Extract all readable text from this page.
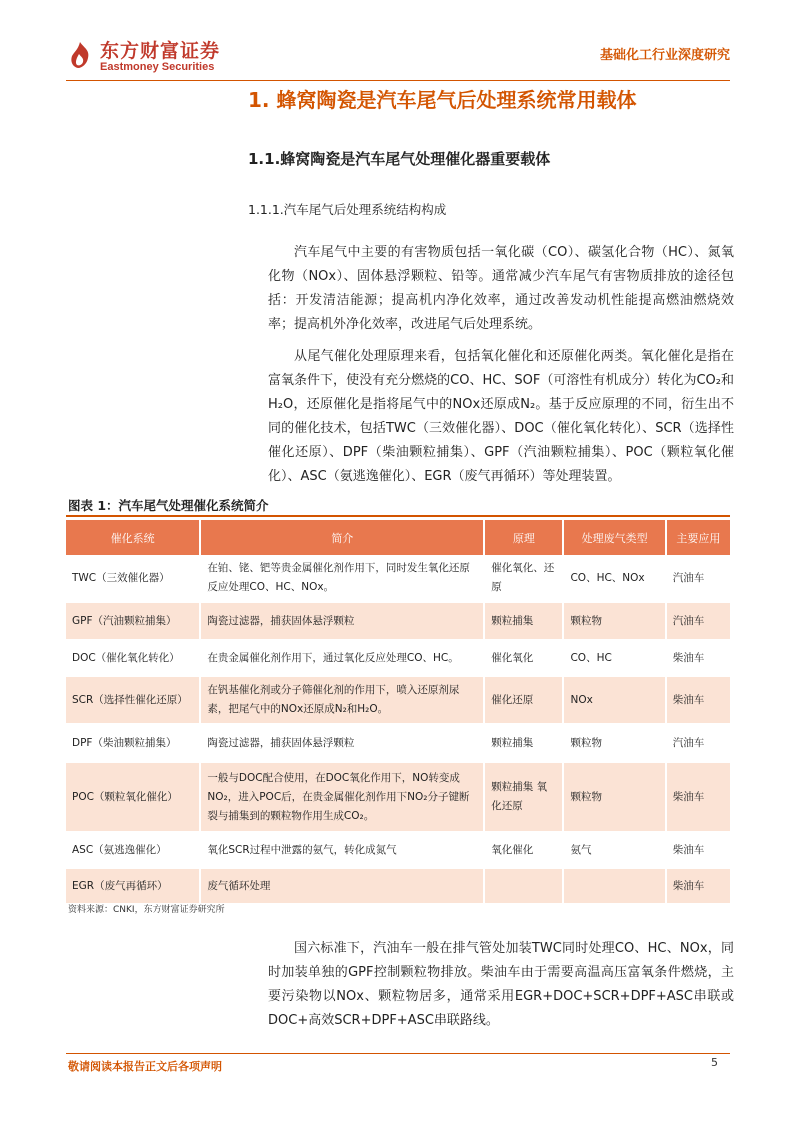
东方财富证券
Eastmoney Securities
基础化工行业深度研究
1. 蜂窝陶瓷是汽车尾气后处理系统常用载体
1.1.蜂窝陶瓷是汽车尾气处理催化器重要载体
1.1.1.汽车尾气后处理系统结构构成
汽车尾气中主要的有害物质包括一氧化碳（CO）、碳氢化合物（HC）、氮氧化物（NOx）、固体悬浮颗粒、铅等。通常减少汽车尾气有害物质排放的途径包括：开发清洁能源；提高机内净化效率，通过改善发动机性能提高燃油燃烧效率；提高机外净化效率，改进尾气后处理系统。
从尾气催化处理原理来看，包括氧化催化和还原催化两类。氧化催化是指在富氧条件下，使没有充分燃烧的CO、HC、SOF（可溶性有机成分）转化为CO₂和H₂O，还原催化是指将尾气中的NOx还原成N₂。基于反应原理的不同，衍生出不同的催化技术，包括TWC（三效催化器）、DOC（催化氧化转化）、SCR（选择性催化还原）、DPF（柴油颗粒捕集）、GPF（汽油颗粒捕集）、POC（颗粒氧化催化）、ASC（氨逃逸催化）、EGR（废气再循环）等处理装置。
图表 1：汽车尾气处理催化系统简介
催化系统	简介	原理	处理废气类型	主要应用
TWC（三效催化器）	在铂、铑、钯等贵金属催化剂作用下，同时发生氧化还原反应处理CO、HC、NOx。	催化氧化、还原	CO、HC、NOx	汽油车
GPF（汽油颗粒捕集）	陶瓷过滤器，捕获固体悬浮颗粒	颗粒捕集	颗粒物	汽油车
DOC（催化氧化转化）	在贵金属催化剂作用下，通过氧化反应处理CO、HC。	催化氧化	CO、HC	柴油车
SCR（选择性催化还原）	在钒基催化剂或分子筛催化剂的作用下，喷入还原剂尿素，把尾气中的NOx还原成N₂和H₂O。	催化还原	NOx	柴油车
DPF（柴油颗粒捕集）	陶瓷过滤器，捕获固体悬浮颗粒	颗粒捕集	颗粒物	汽油车
POC（颗粒氧化催化）	一般与DOC配合使用，在DOC氧化作用下，NO转变成NO₂，进入POC后，在贵金属催化剂作用下NO₂分子键断裂与捕集到的颗粒物作用生成CO₂。	颗粒捕集 氧化还原	颗粒物	柴油车
ASC（氨逃逸催化）	氧化SCR过程中泄露的氨气，转化成氮气	氧化催化	氨气	柴油车
EGR（废气再循环）	废气循环处理			柴油车
资料来源：CNKI，东方财富证券研究所
国六标准下，汽油车一般在排气管处加装TWC同时处理CO、HC、NOx，同时加装单独的GPF控制颗粒物排放。柴油车由于需要高温高压富氧条件燃烧，主要污染物以NOx、颗粒物居多，通常采用EGR+DOC+SCR+DPF+ASC串联或DOC+高效SCR+DPF+ASC串联路线。
敬请阅读本报告正文后各项声明	5
